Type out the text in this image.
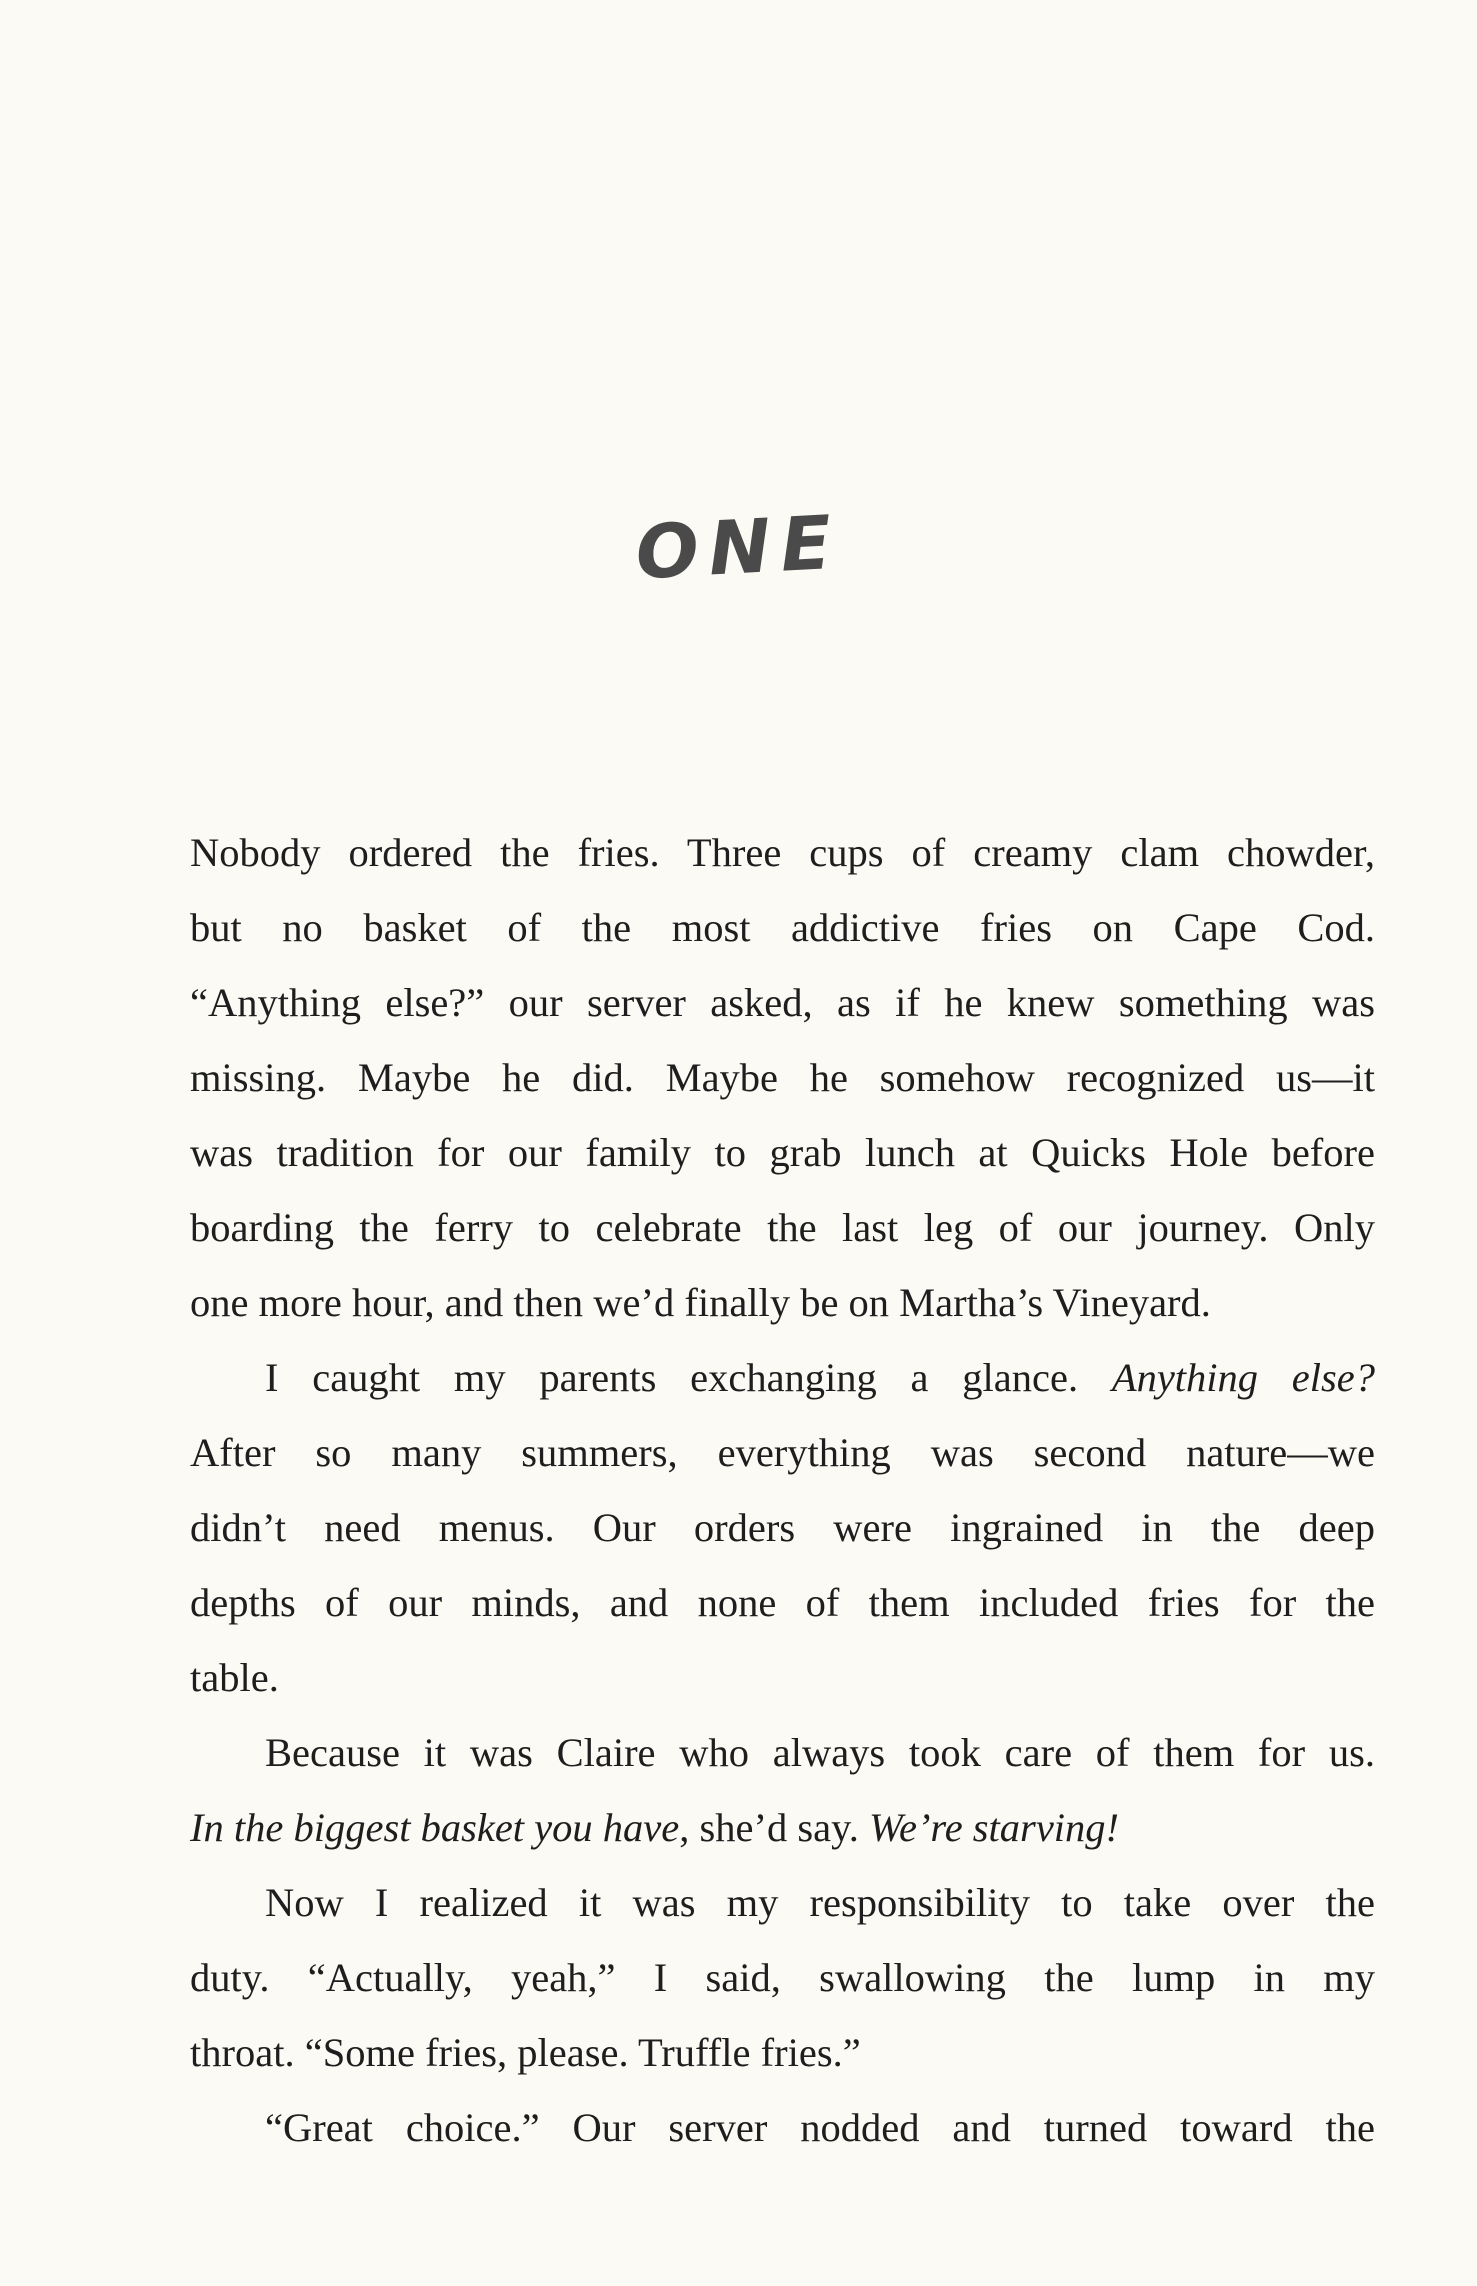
ONE
Nobody ordered the fries. Three cups of creamy clam chowder,
but no basket of the most addictive fries on Cape Cod.
“Anything else?” our server asked, as if he knew something was
missing. Maybe he did. Maybe he somehow recognized us—it
was tradition for our family to grab lunch at Quicks Hole before
boarding the ferry to celebrate the last leg of our journey. Only
one more hour, and then we’d finally be on Martha’s Vineyard.
I caught my parents exchanging a glance. Anything else?
After so many summers, everything was second nature—we
didn’t need menus. Our orders were ingrained in the deep
depths of our minds, and none of them included fries for the
table.
Because it was Claire who always took care of them for us.
In the biggest basket you have, she’d say. We’re starving!
Now I realized it was my responsibility to take over the
duty. “Actually, yeah,” I said, swallowing the lump in my
throat. “Some fries, please. Truffle fries.”
“Great choice.” Our server nodded and turned toward the
